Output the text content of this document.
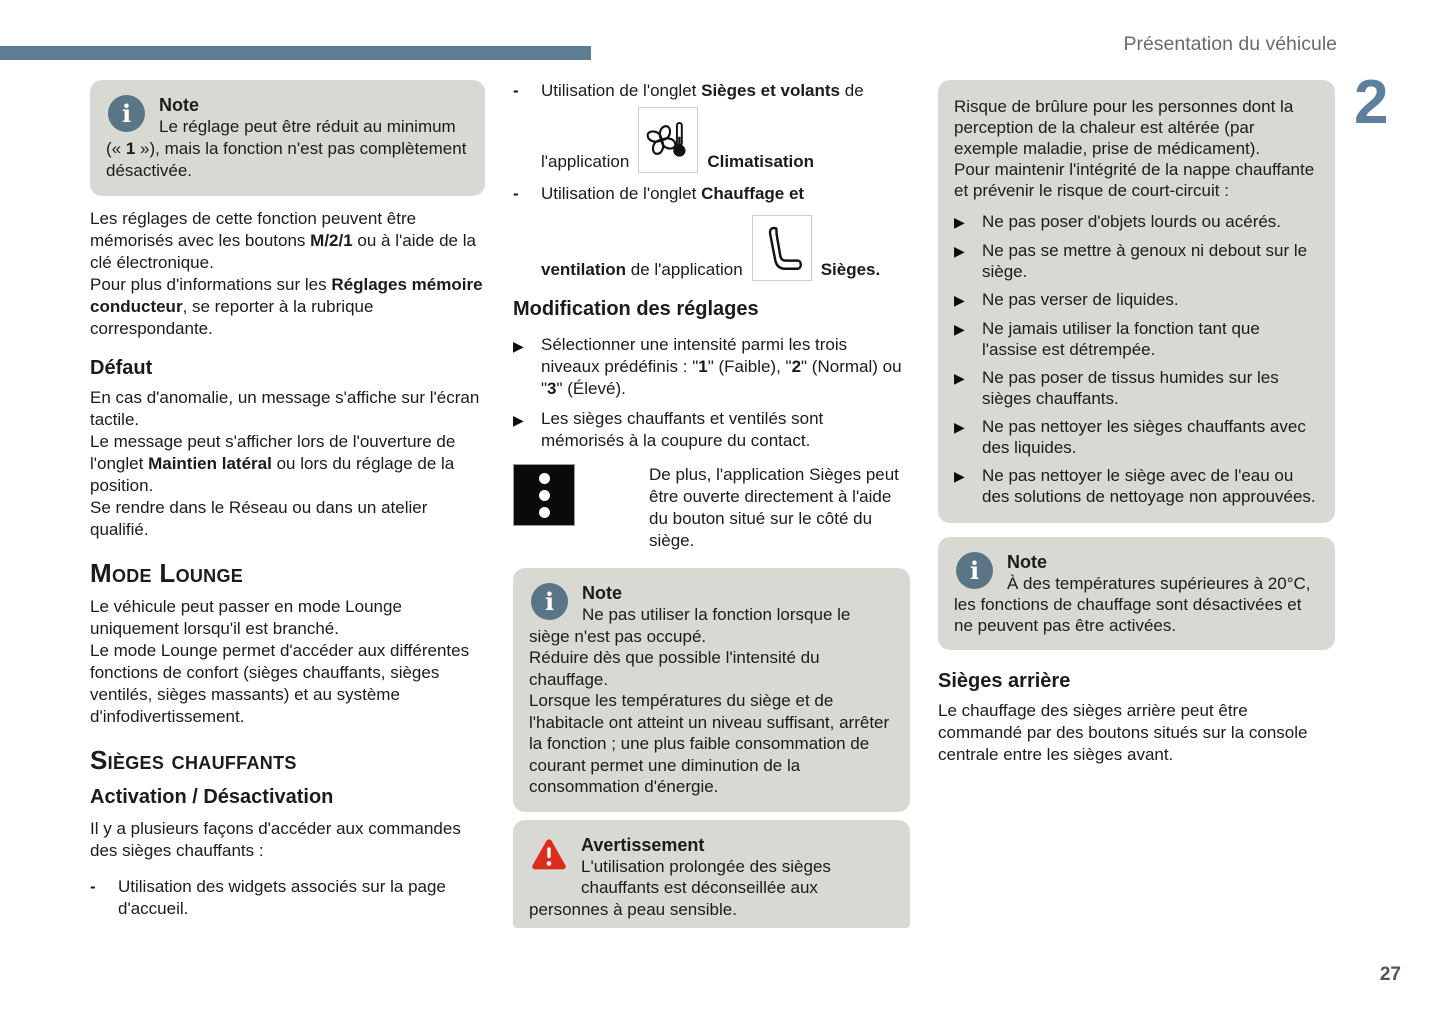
Présentation du véhicule
2
27
i	Note
Le réglage peut être réduit au minimum (« 1 »), mais la fonction n'est pas complètement désactivée.
Les réglages de cette fonction peuvent être mémorisés avec les boutons M/2/1 ou à l'aide de la clé électronique.
Pour plus d'informations sur les Réglages mémoire conducteur, se reporter à la rubrique correspondante.
Défaut
En cas d'anomalie, un message s'affiche sur l'écran tactile.
Le message peut s'afficher lors de l'ouverture de l'onglet Maintien latéral ou lors du réglage de la position.
Se rendre dans le Réseau ou dans un atelier qualifié.
Mode Lounge
Le véhicule peut passer en mode Lounge uniquement lorsqu'il est branché.
Le mode Lounge permet d'accéder aux différentes fonctions de confort (sièges chauffants, sièges ventilés, sièges massants) et au système d'infodivertissement.
Sièges chauffants
Activation / Désactivation
Il y a plusieurs façons d'accéder aux commandes des sièges chauffants :
-	Utilisation des widgets associés sur la page d'accueil.
-	Utilisation de l'onglet Sièges et volants de
l'application	Climatisation
-	Utilisation de l'onglet Chauffage et
ventilation de l'application	Sièges.
Modification des réglages
▶	Sélectionner une intensité parmi les trois niveaux prédéfinis : "1" (Faible), "2" (Normal) ou "3" (Élevé).
▶	Les sièges chauffants et ventilés sont mémorisés à la coupure du contact.
De plus, l'application Sièges peut être ouverte directement à l'aide du bouton situé sur le côté du siège.
i	Note
Ne pas utiliser la fonction lorsque le siège n'est pas occupé.
Réduire dès que possible l'intensité du chauffage.
Lorsque les températures du siège et de l'habitacle ont atteint un niveau suffisant, arrêter la fonction ; une plus faible consommation de courant permet une diminution de la consommation d'énergie.
Avertissement
L'utilisation prolongée des sièges chauffants est déconseillée aux personnes à peau sensible.
Risque de brûlure pour les personnes dont la perception de la chaleur est altérée (par exemple maladie, prise de médicament).
Pour maintenir l'intégrité de la nappe chauffante et prévenir le risque de court-circuit :
▶	Ne pas poser d'objets lourds ou acérés.
▶	Ne pas se mettre à genoux ni debout sur le siège.
▶	Ne pas verser de liquides.
▶	Ne jamais utiliser la fonction tant que l'assise est détrempée.
▶	Ne pas poser de tissus humides sur les sièges chauffants.
▶	Ne pas nettoyer les sièges chauffants avec des liquides.
▶	Ne pas nettoyer le siège avec de l'eau ou des solutions de nettoyage non approuvées.
i	Note
À des températures supérieures à 20°C, les fonctions de chauffage sont désactivées et ne peuvent pas être activées.
Sièges arrière
Le chauffage des sièges arrière peut être commandé par des boutons situés sur la console centrale entre les sièges avant.
